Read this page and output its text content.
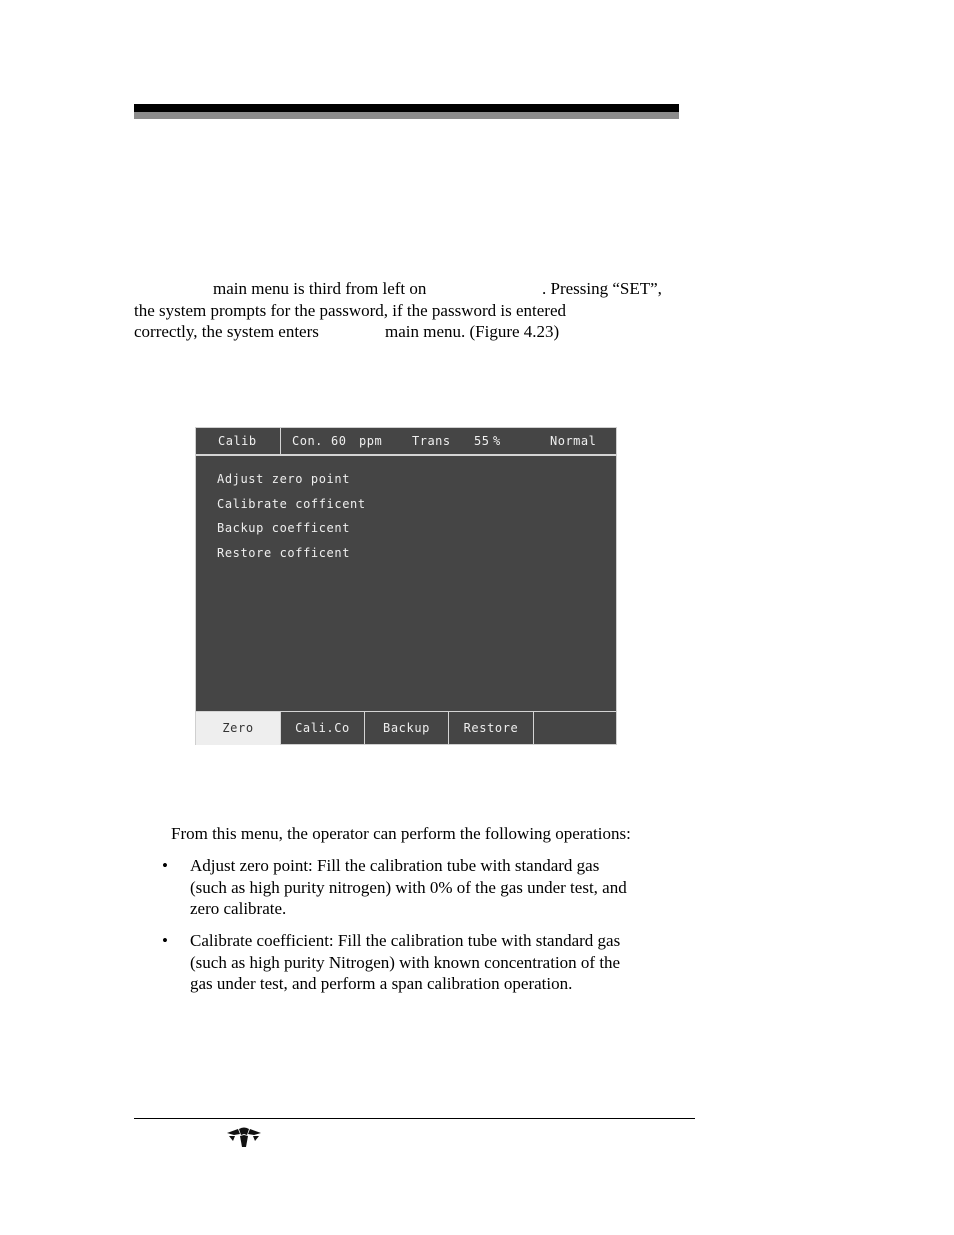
main menu is third from left on	. Pressing “SET”,
the system prompts for the password, if the password is entered
correctly, the system enters	main menu. (Figure 4.23)
Calib	Con. 60 ppm Trans 55 %	Normal
Adjust zero point
Calibrate cofficent
Backup coefficent
Restore cofficent
Zero	Cali.Co	Backup	Restore
From this menu, the operator can perform the following operations:
• Adjust zero point: Fill the calibration tube with standard gas
(such as high purity nitrogen) with 0% of the gas under test, and
zero calibrate.
• Calibrate coefficient: Fill the calibration tube with standard gas
(such as high purity Nitrogen) with known concentration of the
gas under test, and perform a span calibration operation.
